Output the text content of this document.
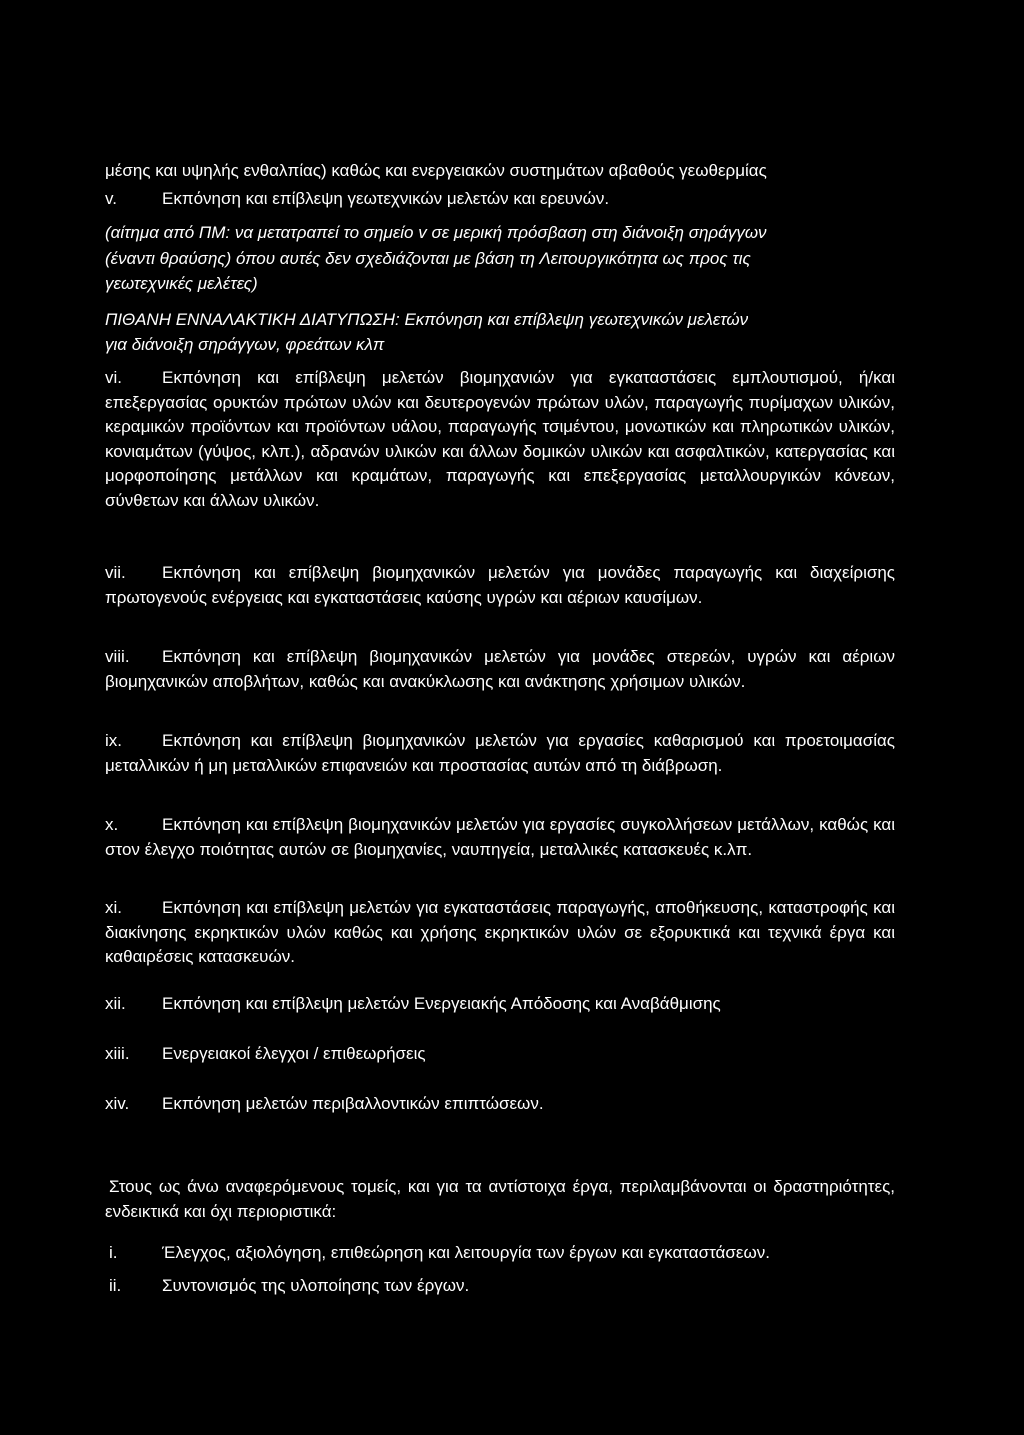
μέσης και υψηλής ενθαλπίας) καθώς και ενεργειακών συστημάτων αβαθούς γεωθερμίας
v.	Εκπόνηση και επίβλεψη γεωτεχνικών μελετών και ερευνών.
(αίτημα από ΠΜ: να μετατραπεί το σημείο v σε μερική πρόσβαση στη διάνοιξη σηράγγων
(έναντι θραύσης) όπου αυτές δεν σχεδιάζονται με βάση τη Λειτουργικότητα ως προς τις
γεωτεχνικές μελέτες)
ΠΙΘΑΝΗ ΕΝΝΑΛΑΚΤΙΚΗ ΔΙΑΤΥΠΩΣΗ: Εκπόνηση και επίβλεψη γεωτεχνικών μελετών
για διάνοιξη σηράγγων, φρεάτων κλπ
vi. Εκπόνηση και επίβλεψη μελετών βιομηχανιών για εγκαταστάσεις εμπλουτισμού, ή/και επεξεργασίας ορυκτών πρώτων υλών και δευτερογενών πρώτων υλών, παραγωγής πυρίμαχων υλικών, κεραμικών προϊόντων και προϊόντων υάλου, παραγωγής τσιμέντου, μονωτικών και πληρωτικών υλικών, κονιαμάτων (γύψος, κλπ.), αδρανών υλικών και άλλων δομικών υλικών και ασφαλτικών, κατεργασίας και μορφοποίησης μετάλλων και κραμάτων, παραγωγής και επεξεργασίας μεταλλουργικών κόνεων, σύνθετων και άλλων υλικών.
vii. Εκπόνηση και επίβλεψη βιομηχανικών μελετών για μονάδες παραγωγής και διαχείρισης πρωτογενούς ενέργειας και εγκαταστάσεις καύσης υγρών και αέριων καυσίμων.
viii. Εκπόνηση και επίβλεψη βιομηχανικών μελετών για μονάδες στερεών, υγρών και αέριων βιομηχανικών αποβλήτων, καθώς και ανακύκλωσης και ανάκτησης χρήσιμων υλικών.
ix. Εκπόνηση και επίβλεψη βιομηχανικών μελετών για εργασίες καθαρισμού και προετοιμασίας μεταλλικών ή μη μεταλλικών επιφανειών και προστασίας αυτών από τη διάβρωση.
x.	Εκπόνηση και επίβλεψη βιομηχανικών μελετών για εργασίες συγκολλήσεων μετάλλων, καθώς και στον έλεγχο ποιότητας αυτών σε βιομηχανίες, ναυπηγεία, μεταλλικές κατασκευές κ.λπ.
xi. Εκπόνηση και επίβλεψη μελετών για εγκαταστάσεις παραγωγής, αποθήκευσης, καταστροφής και διακίνησης εκρηκτικών υλών καθώς και χρήσης εκρηκτικών υλών σε εξορυκτικά και τεχνικά έργα και καθαιρέσεις κατασκευών.
xii. Εκπόνηση και επίβλεψη μελετών Ενεργειακής Απόδοσης και Αναβάθμισης
xiii. Ενεργειακοί έλεγχοι / επιθεωρήσεις
xiv. Εκπόνηση μελετών περιβαλλοντικών επιπτώσεων.
Στους ως άνω αναφερόμενους τομείς, και για τα αντίστοιχα έργα, περιλαμβάνονται οι δραστηριότητες, ενδεικτικά και όχι περιοριστικά:
i.	Έλεγχος, αξιολόγηση, επιθεώρηση και λειτουργία των έργων και εγκαταστάσεων.
ii. Συντονισμός της υλοποίησης των έργων.
